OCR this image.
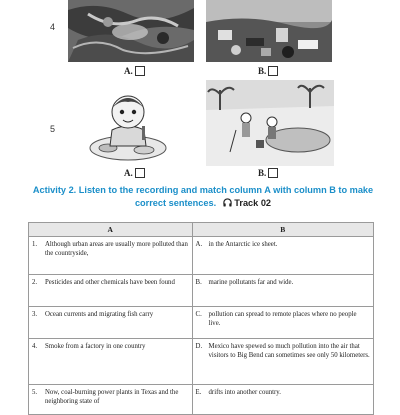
4
A.	B.
5
A.	B.
Activity 2. Listen to the recording and match column A with column B to make correct sentences. Track 02
A	B

1. Although urban areas are usually more polluted than the countryside,	A. in the Antarctic ice sheet.

2. Pesticides and other chemicals have been found	B. marine pollutants far and wide.

3. Ocean currents and migrating fish carry	C. pollution can spread to remote places where no people live.

4. Smoke from a factory in one country	D. Mexico have spewed so much pollution into the air that visitors to Big Bend can sometimes see only 50 kilometers.

5. Now, coal-burning power plants in Texas and the neighboring state of	E. drifts into another country.
